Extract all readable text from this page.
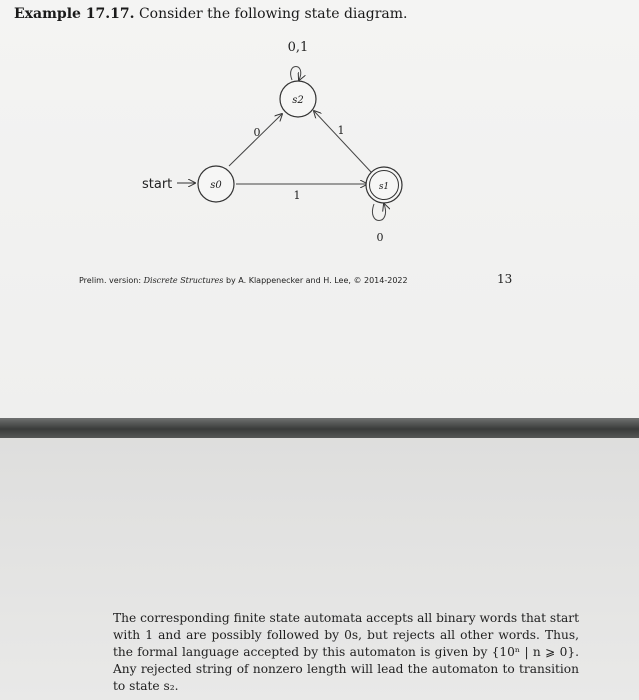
Example 17.17. Consider the following state diagram.
start
s2
s0	s1
0
1
1
0
0,1
Prelim. version: Discrete Structures by A. Klappenecker and H. Lee, © 2014-2022	13
The corresponding finite state automata accepts all binary words that start with 1 and are possibly followed by 0s, but rejects all other words. Thus, the formal language accepted by this automaton is given by {10ⁿ | n ⩾ 0}. Any rejected string of nonzero length will lead the automaton to transition to state s₂.
